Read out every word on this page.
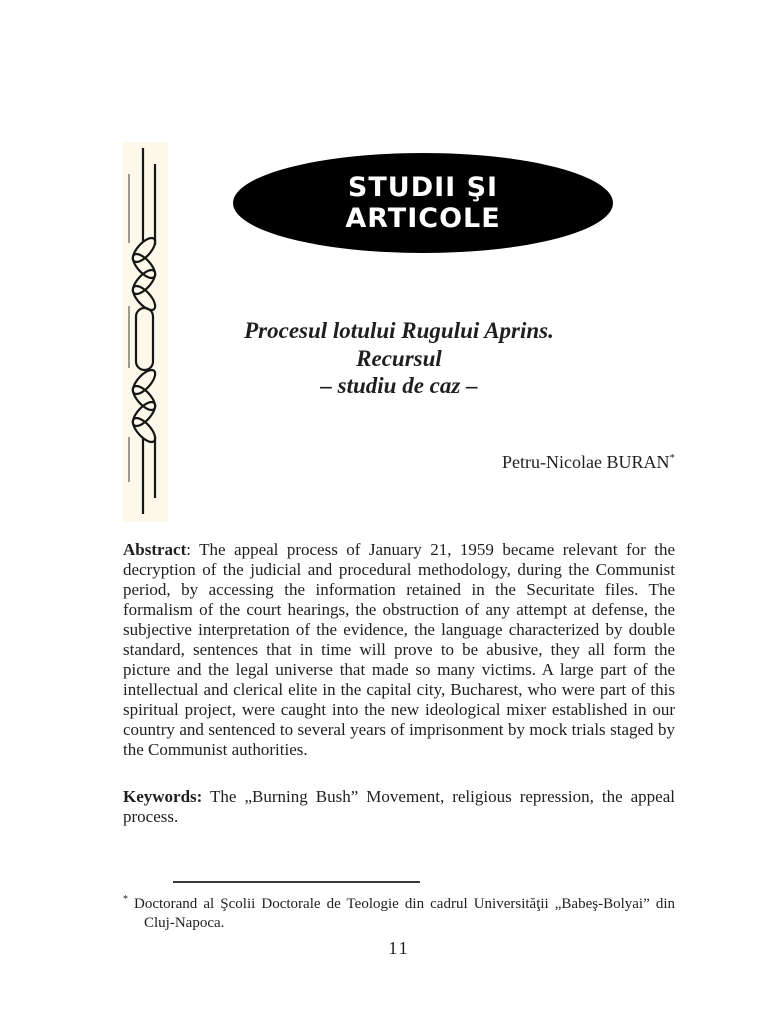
STUDII ŞI
ARTICOLE
Procesul lotului Rugului Aprins.
Recursul
– studiu de caz –
Petru-Nicolae BURAN*

Abstract: The appeal process of January 21, 1959 became relevant for the decryption of the judicial and procedural methodology, during the Communist period, by accessing the information retained in the Securitate files. The formalism of the court hearings, the obstruction of any attempt at defense, the subjective interpretation of the evidence, the language characterized by double standard, sentences that in time will prove to be abusive, they all form the picture and the legal universe that made so many victims. A large part of the intellectual and clerical elite in the capital city, Bucharest, who were part of this spiritual project, were caught into the new ideological mixer established in our country and sentenced to several years of imprisonment by mock trials staged by the Communist authorities.

Keywords: The „Burning Bush” Movement, religious repression, the appeal process.

* Doctorand al Şcolii Doctorale de Teologie din cadrul Universităţii „Babeş-Bolyai” din Cluj-Napoca.

11
